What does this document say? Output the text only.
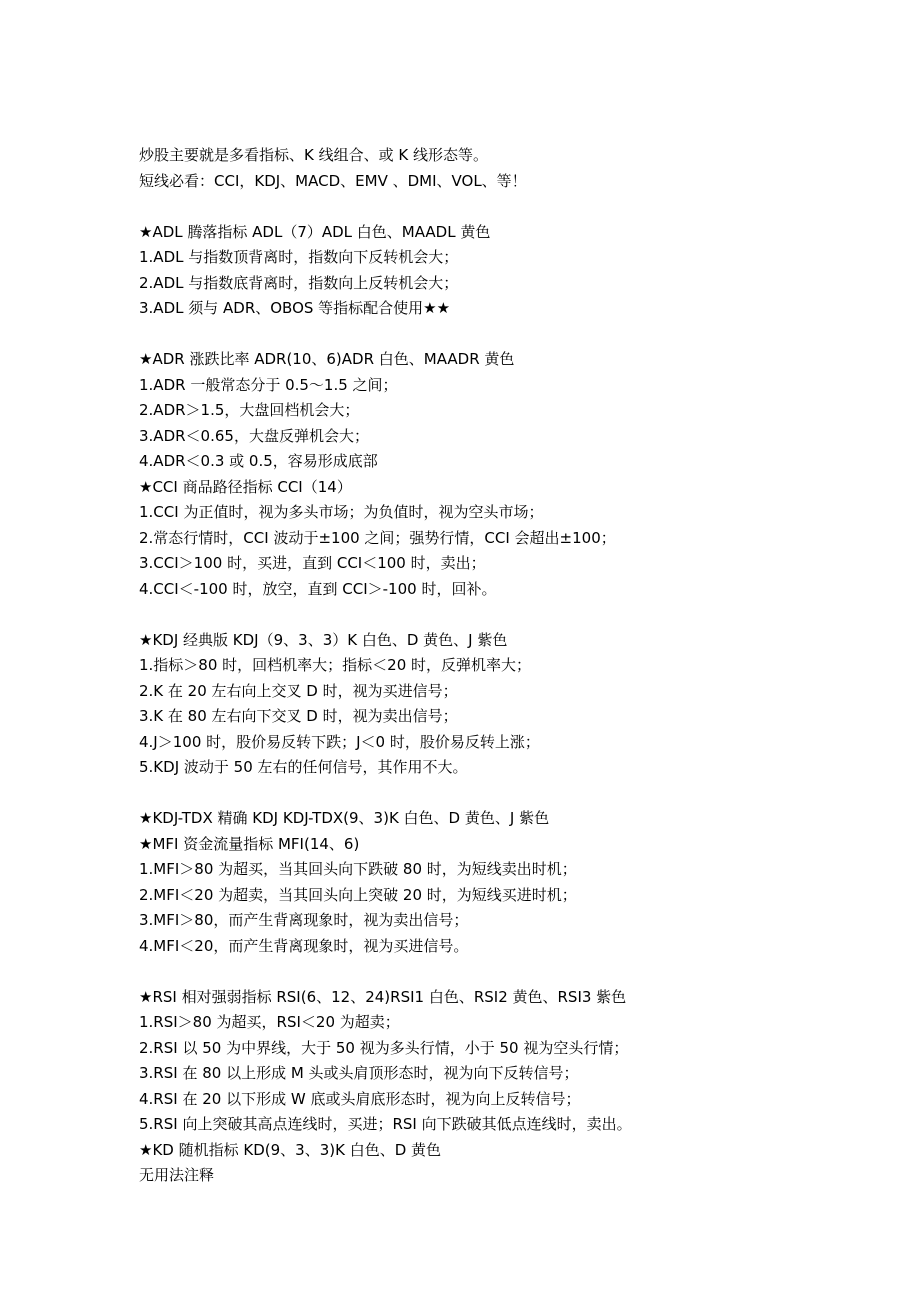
炒股主要就是多看指标、K 线组合、或 K 线形态等。
短线必看：CCI，KDJ、MACD、EMV 、DMI、VOL、等！
★ADL 腾落指标 ADL（7）ADL 白色、MAADL 黄色
1.ADL 与指数顶背离时，指数向下反转机会大；
2.ADL 与指数底背离时，指数向上反转机会大；
3.ADL 须与 ADR、OBOS 等指标配合使用★★
★ADR 涨跌比率 ADR(10、6)ADR 白色、MAADR 黄色
1.ADR 一般常态分于 0.5～1.5 之间；
2.ADR＞1.5，大盘回档机会大；
3.ADR＜0.65，大盘反弹机会大；
4.ADR＜0.3 或 0.5，容易形成底部
★CCI 商品路径指标 CCI（14）
1.CCI 为正值时，视为多头市场；为负值时，视为空头市场；
2.常态行情时，CCI 波动于±100 之间；强势行情，CCI 会超出±100；
3.CCI＞100 时，买进，直到 CCI＜100 时，卖出；
4.CCI＜-100 时，放空，直到 CCI＞-100 时，回补。
★KDJ 经典版 KDJ（9、3、3）K 白色、D 黄色、J 紫色
1.指标＞80 时，回档机率大；指标＜20 时，反弹机率大；
2.K 在 20 左右向上交叉 D 时，视为买进信号；
3.K 在 80 左右向下交叉 D 时，视为卖出信号；
4.J＞100 时，股价易反转下跌；J＜0 时，股价易反转上涨；
5.KDJ 波动于 50 左右的任何信号，其作用不大。
★KDJ-TDX 精确 KDJ KDJ-TDX(9、3)K 白色、D 黄色、J 紫色
★MFI 资金流量指标 MFI(14、6)
1.MFI＞80 为超买，当其回头向下跌破 80 时，为短线卖出时机；
2.MFI＜20 为超卖，当其回头向上突破 20 时，为短线买进时机；
3.MFI＞80，而产生背离现象时，视为卖出信号；
4.MFI＜20，而产生背离现象时，视为买进信号。
★RSI 相对强弱指标 RSI(6、12、24)RSI1 白色、RSI2 黄色、RSI3 紫色
1.RSI＞80 为超买，RSI＜20 为超卖；
2.RSI 以 50 为中界线，大于 50 视为多头行情，小于 50 视为空头行情；
3.RSI 在 80 以上形成 M 头或头肩顶形态时，视为向下反转信号；
4.RSI 在 20 以下形成 W 底或头肩底形态时，视为向上反转信号；
5.RSI 向上突破其高点连线时，买进；RSI 向下跌破其低点连线时，卖出。
★KD 随机指标 KD(9、3、3)K 白色、D 黄色
无用法注释
